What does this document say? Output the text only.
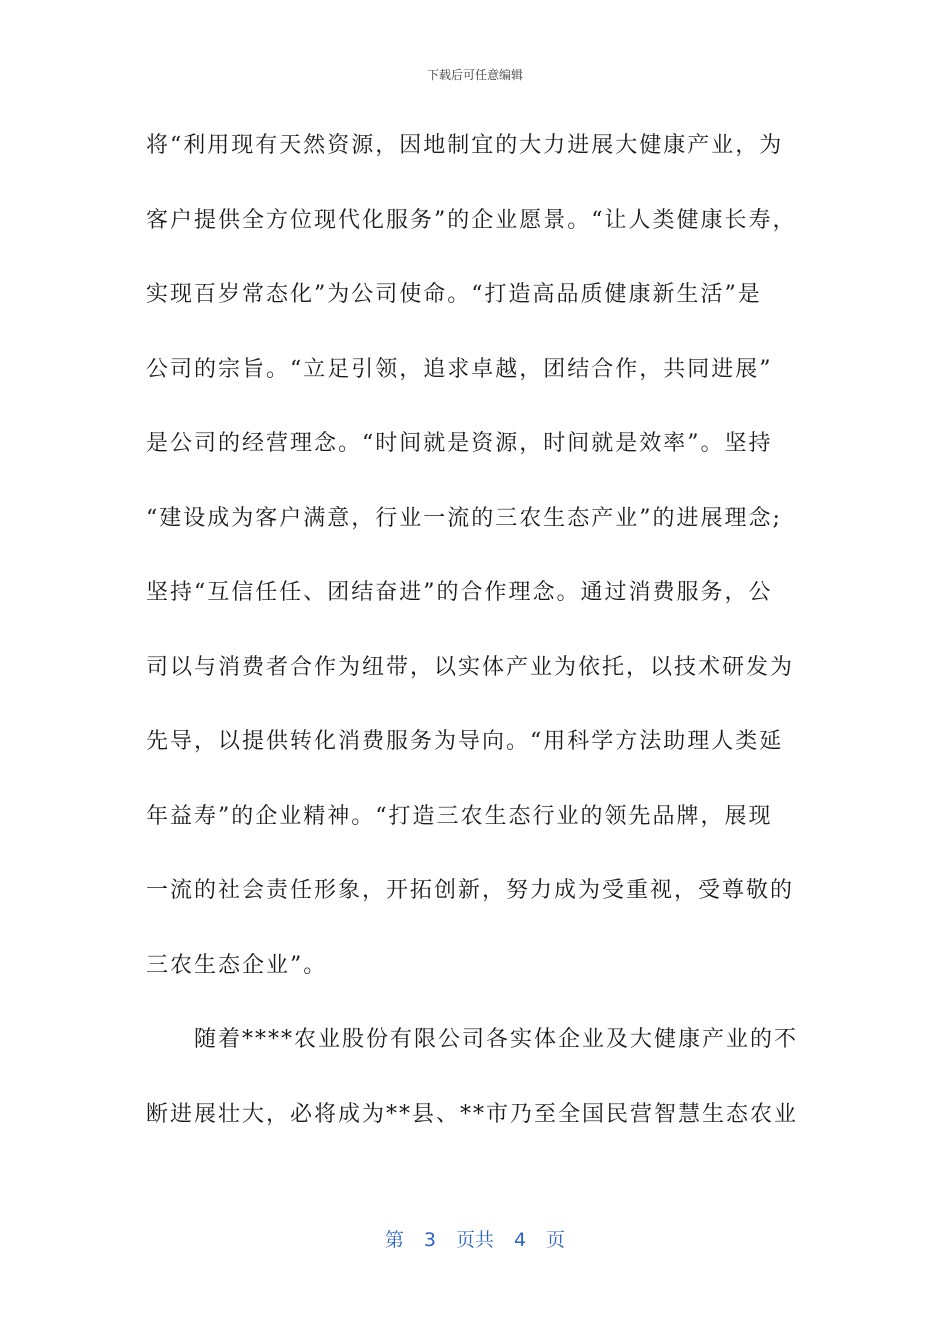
下载后可任意编辑
将“利用现有天然资源，因地制宜的大力进展大健康产业，为
客户提供全方位现代化服务”的企业愿景。“让人类健康长寿，
实现百岁常态化”为公司使命。“打造高品质健康新生活”是
公司的宗旨。“立足引领，追求卓越，团结合作，共同进展”
是公司的经营理念。“时间就是资源，时间就是效率”。坚持
“建设成为客户满意，行业一流的三农生态产业”的进展理念;
坚持“互信任任、团结奋进”的合作理念。通过消费服务，公
司以与消费者合作为纽带，以实体产业为依托，以技术研发为
先导，以提供转化消费服务为导向。“用科学方法助理人类延
年益寿”的企业精神。“打造三农生态行业的领先品牌，展现
一流的社会责任形象，开拓创新，努力成为受重视，受尊敬的
三农生态企业”。
随着****农业股份有限公司各实体企业及大健康产业的不
断进展壮大，必将成为**县、**市乃至全国民营智慧生态农业
第 3 页共 4 页
